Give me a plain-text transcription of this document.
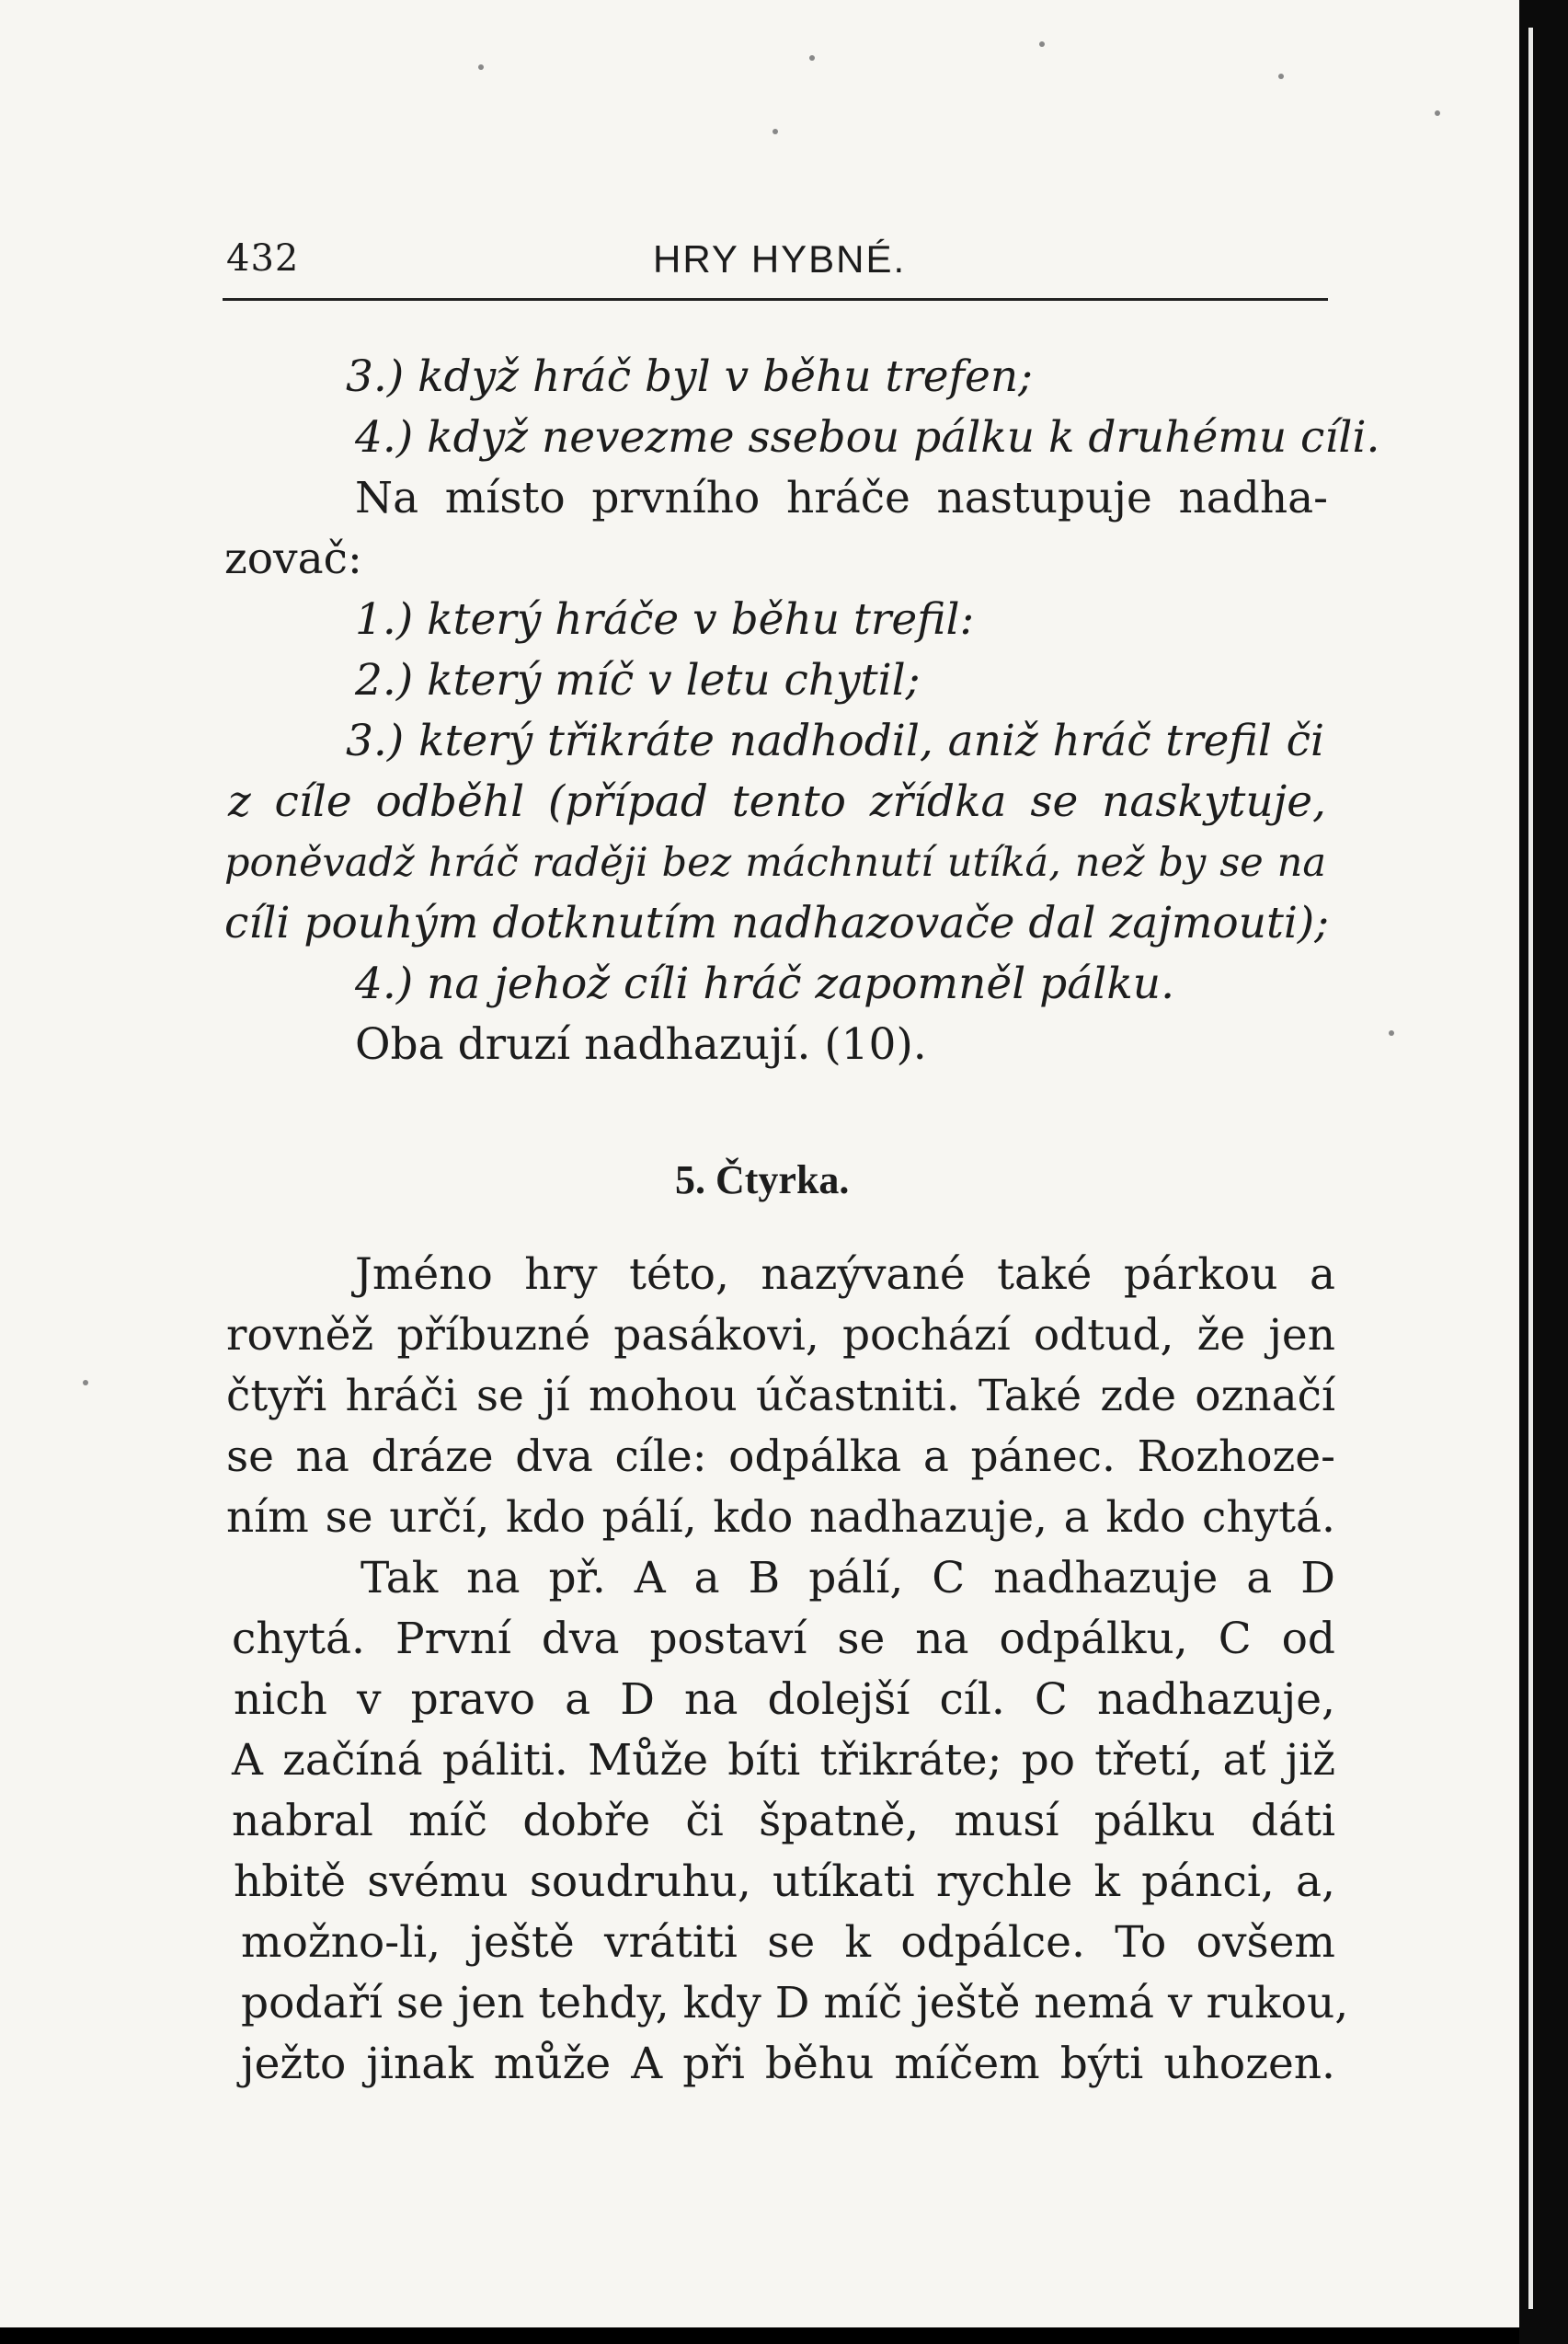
432	HRY HYBNÉ.
3.) když hráč byl v běhu trefen;
4.) když nevezme ssebou pálku k druhému cíli.
Na místo prvního hráče nastupuje nadha-
zovač:
1.) který hráče v běhu trefil:
2.) který míč v letu chytil;
3.) který třikráte nadhodil, aniž hráč trefil či
z cíle odběhl (případ tento zřídka se naskytuje,
poněvadž hráč raději bez máchnutí utíká, než by se na
cíli pouhým dotknutím nadhazovače dal zajmouti);
4.) na jehož cíli hráč zapomněl pálku.
Oba druzí nadhazují. (10).
5. Čtyrka.
Jméno hry této, nazývané také párkou a
rovněž příbuzné pasákovi, pochází odtud, že jen
čtyři hráči se jí mohou účastniti. Také zde označí
se na dráze dva cíle: odpálka a pánec. Rozhoze-
ním se určí, kdo pálí, kdo nadhazuje, a kdo chytá.
Tak na př. A a B pálí, C nadhazuje a D
chytá. První dva postaví se na odpálku, C od
nich v pravo a D na dolejší cíl. C nadhazuje,
A začíná páliti. Může bíti třikráte; po třetí, ať již
nabral míč dobře či špatně, musí pálku dáti
hbitě svému soudruhu, utíkati rychle k pánci, a,
možno-li, ještě vrátiti se k odpálce. To ovšem
podaří se jen tehdy, kdy D míč ještě nemá v rukou,
ježto jinak může A při běhu míčem býti uhozen.
